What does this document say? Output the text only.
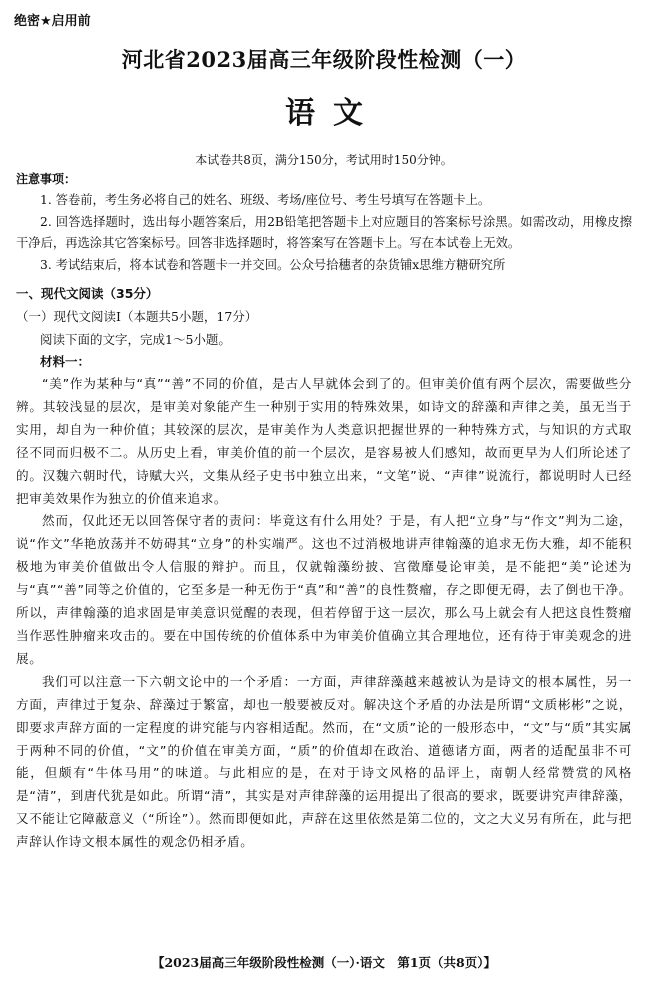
绝密★启用前
河北省2023届高三年级阶段性检测（一）
语文
本试卷共8页，满分150分，考试用时150分钟。
注意事项：

1. 答卷前，考生务必将自己的姓名、班级、考场/座位号、考生号填写在答题卡上。

2. 回答选择题时，选出每小题答案后，用2B铅笔把答题卡上对应题目的答案标号涂黑。如需改动，用橡皮擦干净后，再选涂其它答案标号。回答非选择题时，将答案写在答题卡上。写在本试卷上无效。

3. 考试结束后，将本试卷和答题卡一并交回。公众号拾穗者的杂货铺x思维方糖研究所

一、现代文阅读（35分）
（一）现代文阅读Ⅰ（本题共5小题，17分）
阅读下面的文字，完成1～5小题。
材料一：

“美”作为某种与“真”“善”不同的价值，是古人早就体会到了的。但审美价值有两个层次，需要做些分辨。其较浅显的层次，是审美对象能产生一种别于实用的特殊效果，如诗文的辞藻和声律之美，虽无当于实用，却自为一种价值；其较深的层次，是审美作为人类意识把握世界的一种特殊方式，与知识的方式取径不同而归极不二。从历史上看，审美价值的前一个层次，是容易被人们感知，故而更早为人们所论述了的。汉魏六朝时代，诗赋大兴，文集从经子史书中独立出来，“文笔”说、“声律”说流行，都说明时人已经把审美效果作为独立的价值来追求。

然而，仅此还无以回答保守者的责问：毕竟这有什么用处？于是，有人把“立身”与“作文”判为二途，说“作文”华艳放荡并不妨碍其“立身”的朴实端严。这也不过消极地讲声律翰藻的追求无伤大雅，却不能积极地为审美价值做出令人信服的辩护。而且，仅就翰藻纷披、宫徵靡曼论审美，是不能把“美”论述为与“真”“善”同等之价值的，它至多是一种无伤于“真”和“善”的良性赘瘤，存之即便无碍，去了倒也干净。所以，声律翰藻的追求固是审美意识觉醒的表现，但若停留于这一层次，那么马上就会有人把这良性赘瘤当作恶性肿瘤来攻击的。要在中国传统的价值体系中为审美价值确立其合理地位，还有待于审美观念的进展。

我们可以注意一下六朝文论中的一个矛盾：一方面，声律辞藻越来越被认为是诗文的根本属性，另一方面，声律过于复杂、辞藻过于繁富，却也一般要被反对。解决这个矛盾的办法是所谓“文质彬彬”之说，即要求声辞方面的一定程度的讲究能与内容相适配。然而，在“文质”论的一般形态中，“文”与“质”其实属于两种不同的价值，“文”的价值在审美方面，“质”的价值却在政治、道德诸方面，两者的适配虽非不可能，但颇有“牛体马用”的味道。与此相应的是，在对于诗文风格的品评上，南朝人经常赞赏的风格是“清”，到唐代犹是如此。所谓“清”，其实是对声律辞藻的运用提出了很高的要求，既要讲究声律辞藻，又不能让它障蔽意义（“所诠”）。然而即便如此，声辞在这里依然是第二位的，文之大义另有所在，此与把声辞认作诗文根本属性的观念仍相矛盾。

【2023届高三年级阶段性检测（一）·语文　第1页（共8页）】
